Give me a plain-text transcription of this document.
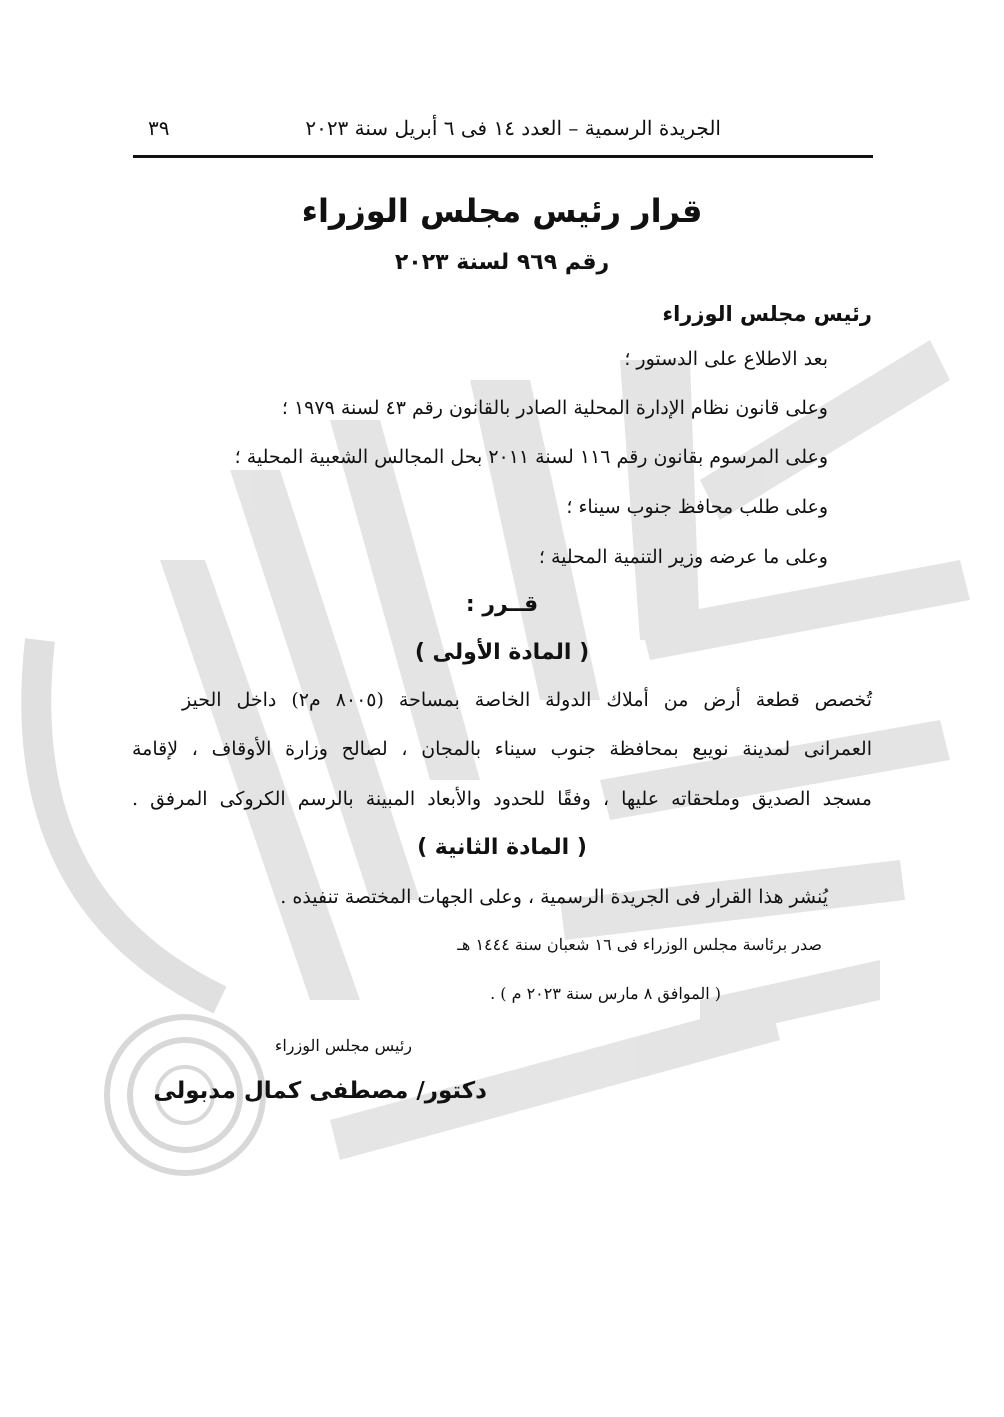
الجريدة الرسمية – العدد ١٤ فى ٦ أبريل سنة ٢٠٢٣
٣٩
قرار رئيس مجلس الوزراء
رقم ٩٦٩ لسنة ٢٠٢٣
رئيس مجلس الوزراء
بعد الاطلاع على الدستور ؛
وعلى قانون نظام الإدارة المحلية الصادر بالقانون رقم ٤٣ لسنة ١٩٧٩ ؛
وعلى المرسوم بقانون رقم ١١٦ لسنة ٢٠١١ بحل المجالس الشعبية المحلية ؛
وعلى طلب محافظ جنوب سيناء ؛
وعلى ما عرضه وزير التنمية المحلية ؛
قــرر :
( المادة الأولى )
تُخصص قطعة أرض من أملاك الدولة الخاصة بمساحة (٨٠٠٥ م٢) داخل الحيز
العمرانى لمدينة نويبع بمحافظة جنوب سيناء بالمجان ، لصالح وزارة الأوقاف ، لإقامة
مسجد الصديق وملحقاته عليها ، وفقًا للحدود والأبعاد المبينة بالرسم الكروكى المرفق .
( المادة الثانية )
يُنشر هذا القرار فى الجريدة الرسمية ، وعلى الجهات المختصة تنفيذه .
صدر برئاسة مجلس الوزراء فى ١٦ شعبان سنة ١٤٤٤ هـ
( الموافق ٨ مارس سنة ٢٠٢٣ م ) .
رئيس مجلس الوزراء
دكتور/ مصطفى كمال مدبولى
